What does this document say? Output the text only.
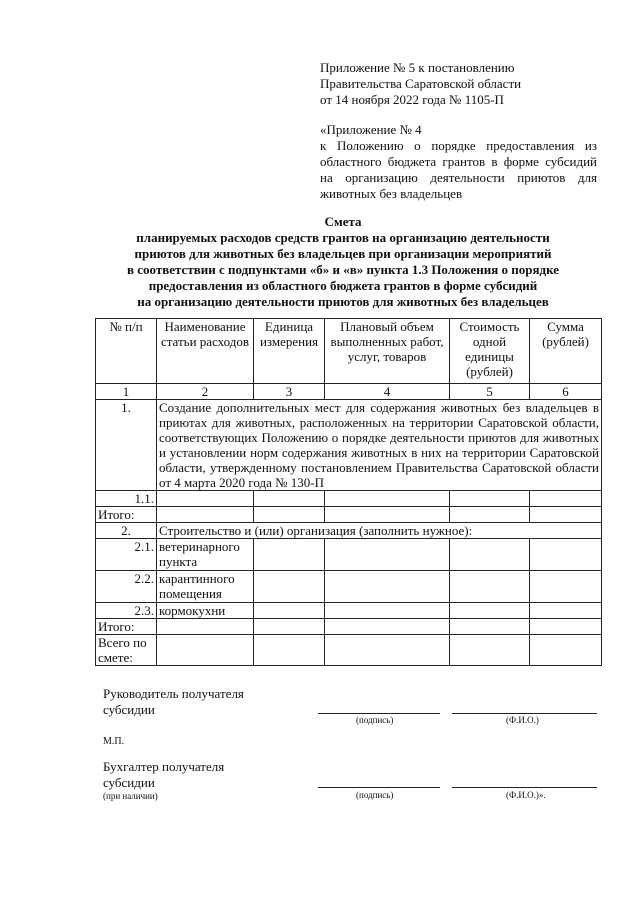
Приложение № 5 к постановлению
Правительства Саратовской области
от 14 ноября 2022 года № 1105-П
«Приложение № 4
к Положению о порядке предоставления из областного бюджета грантов в форме субсидий на организацию деятельности приютов для животных без владельцев
Смета
планируемых расходов средств грантов на организацию деятельности
приютов для животных без владельцев при организации мероприятий
в соответствии с подпунктами «б» и «в» пункта 1.3 Положения о порядке
предоставления из областного бюджета грантов в форме субсидий
на организацию деятельности приютов для животных без владельцев
№ п/п	Наименование статьи расходов	Единица измерения	Плановый объем выполненных работ, услуг, товаров	Стоимость одной единицы (рублей)	Сумма (рублей)
1	2	3	4	5	6
1.	Создание дополнительных мест для содержания животных без владельцев в приютах для животных, расположенных на территории Саратовской области, соответствующих Положению о порядке деятельности приютов для животных и установлении норм содержания животных в них на территории Саратовской области, утвержденному постановлением Правительства Саратовской области от 4 марта 2020 года № 130-П				
1.1.					
Итого:					
2.	Строительство и (или) организация (заполнить нужное):				
2.1.	ветеринарного пункта				
2.2.	карантинного помещения				
2.3.	кормокухни				
Итого:					
Всего по смете:					
Руководитель получателя
субсидии
(подпись)	(Ф.И.О.)
М.П.
Бухгалтер получателя
субсидии
(при наличии)	(подпись)	(Ф.И.О.)».
